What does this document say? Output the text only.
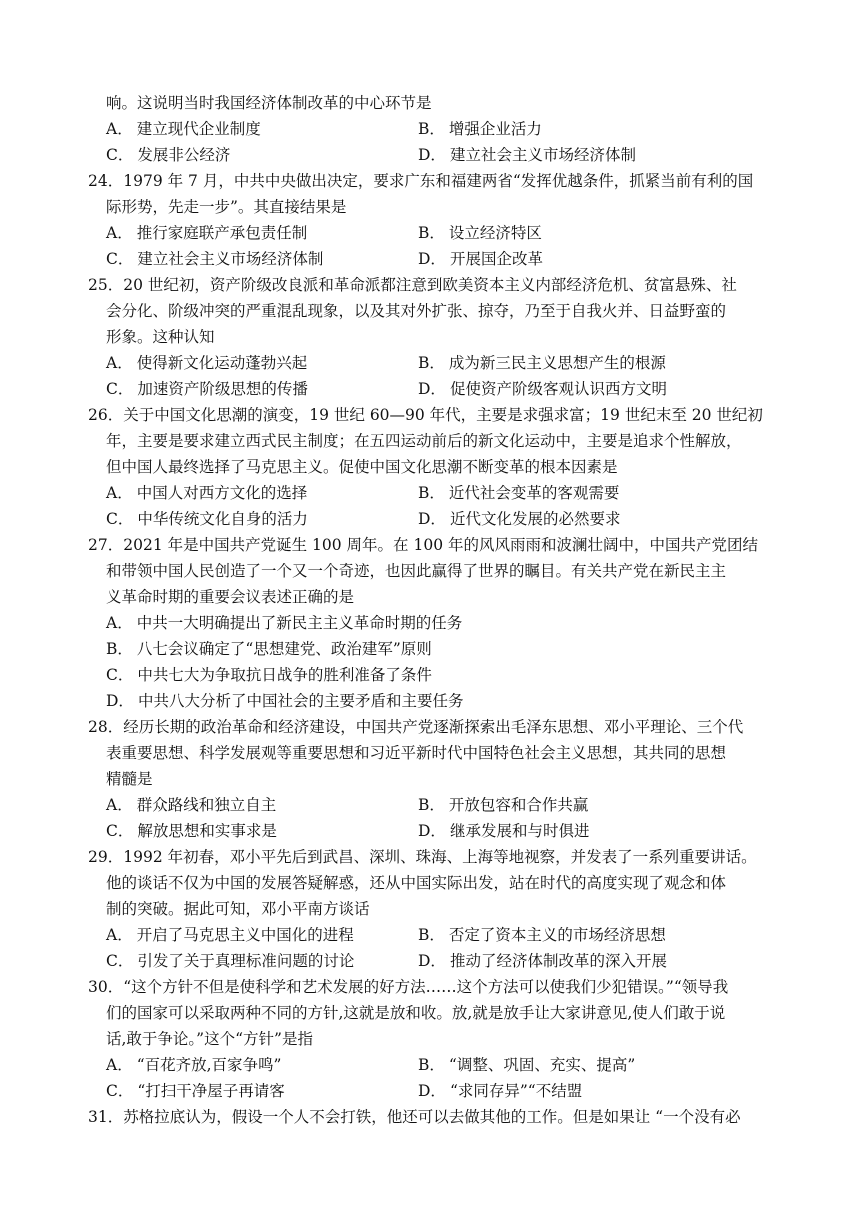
响。这说明当时我国经济体制改革的中心环节是
A． 建立现代企业制度	B． 增强企业活力
C． 发展非公经济	D． 建立社会主义市场经济体制
24．1979 年 7 月，中共中央做出决定，要求广东和福建两省“发挥优越条件，抓紧当前有利的国
际形势，先走一步”。其直接结果是
A． 推行家庭联产承包责任制	B． 设立经济特区
C． 建立社会主义市场经济体制	D． 开展国企改革
25．20 世纪初，资产阶级改良派和革命派都注意到欧美资本主义内部经济危机、贫富悬殊、社
会分化、阶级冲突的严重混乱现象，以及其对外扩张、掠夺，乃至于自我火并、日益野蛮的
形象。这种认知
A． 使得新文化运动蓬勃兴起	B． 成为新三民主义思想产生的根源
C． 加速资产阶级思想的传播	D． 促使资产阶级客观认识西方文明
26．关于中国文化思潮的演变，19 世纪 60—90 年代，主要是求强求富；19 世纪末至 20 世纪初
年，主要是要求建立西式民主制度；在五四运动前后的新文化运动中，主要是追求个性解放，
但中国人最终选择了马克思主义。促使中国文化思潮不断变革的根本因素是
A． 中国人对西方文化的选择	B． 近代社会变革的客观需要
C． 中华传统文化自身的活力	D． 近代文化发展的必然要求
27．2021 年是中国共产党诞生 100 周年。在 100 年的风风雨雨和波澜壮阔中，中国共产党团结
和带领中国人民创造了一个又一个奇迹，也因此赢得了世界的瞩目。有关共产党在新民主主
义革命时期的重要会议表述正确的是
A． 中共一大明确提出了新民主主义革命时期的任务
B． 八七会议确定了“思想建党、政治建军”原则
C． 中共七大为争取抗日战争的胜利准备了条件
D． 中共八大分析了中国社会的主要矛盾和主要任务
28．经历长期的政治革命和经济建设，中国共产党逐渐探索出毛泽东思想、邓小平理论、三个代
表重要思想、科学发展观等重要思想和习近平新时代中国特色社会主义思想，其共同的思想
精髓是
A． 群众路线和独立自主	B． 开放包容和合作共赢
C． 解放思想和实事求是	D． 继承发展和与时俱进
29．1992 年初春，邓小平先后到武昌、深圳、珠海、上海等地视察，并发表了一系列重要讲话。
他的谈话不仅为中国的发展答疑解惑，还从中国实际出发，站在时代的高度实现了观念和体
制的突破。据此可知，邓小平南方谈话
A． 开启了马克思主义中国化的进程	B． 否定了资本主义的市场经济思想
C． 引发了关于真理标准问题的讨论	D． 推动了经济体制改革的深入开展
30．“这个方针不但是使科学和艺术发展的好方法……这个方法可以使我们少犯错误。”“领导我
们的国家可以采取两种不同的方针,这就是放和收。放,就是放手让大家讲意见,使人们敢于说
话,敢于争论。”这个“方针”是指
A． “百花齐放,百家争鸣”	B． “调整、巩固、充实、提高”
C． “打扫干净屋子再请客	D． “求同存异”“不结盟
31．苏格拉底认为，假设一个人不会打铁，他还可以去做其他的工作。但是如果让 “一个没有必
